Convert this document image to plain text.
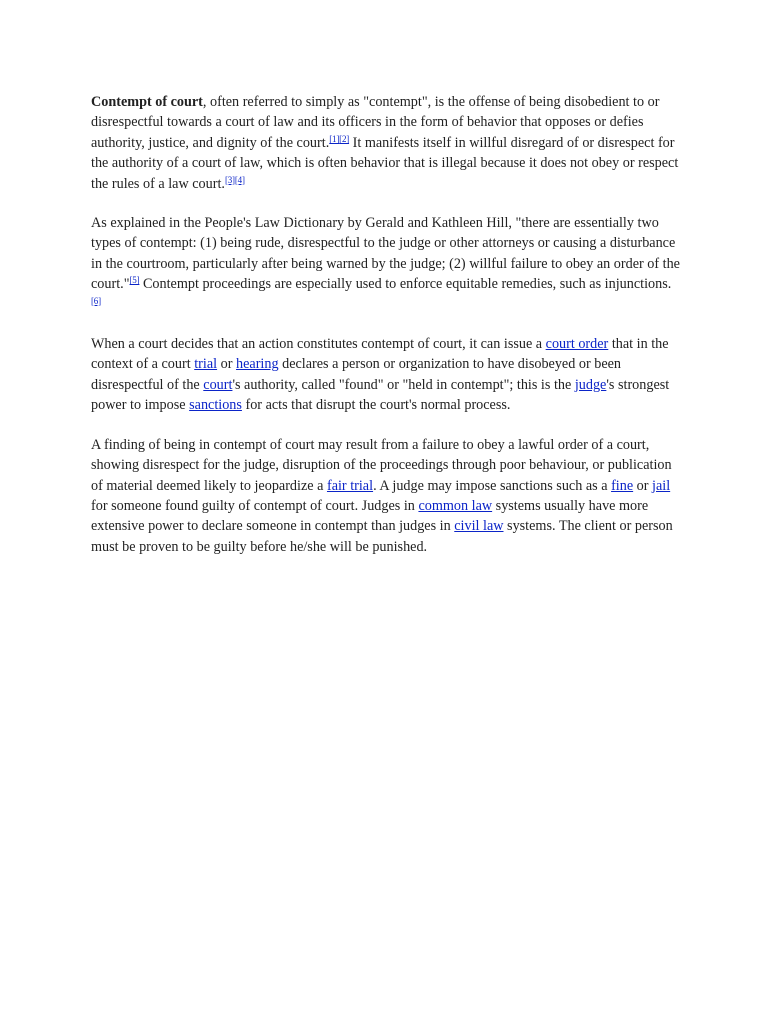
Contempt of court, often referred to simply as "contempt", is the offense of being disobedient to or disrespectful towards a court of law and its officers in the form of behavior that opposes or defies authority, justice, and dignity of the court.[1][2] It manifests itself in willful disregard of or disrespect for the authority of a court of law, which is often behavior that is illegal because it does not obey or respect the rules of a law court.[3][4]

As explained in the People's Law Dictionary by Gerald and Kathleen Hill, "there are essentially two types of contempt: (1) being rude, disrespectful to the judge or other attorneys or causing a disturbance in the courtroom, particularly after being warned by the judge; (2) willful failure to obey an order of the court."[5] Contempt proceedings are especially used to enforce equitable remedies, such as injunctions.[6]

When a court decides that an action constitutes contempt of court, it can issue a court order that in the context of a court trial or hearing declares a person or organization to have disobeyed or been disrespectful of the court's authority, called "found" or "held in contempt"; this is the judge's strongest power to impose sanctions for acts that disrupt the court's normal process.

A finding of being in contempt of court may result from a failure to obey a lawful order of a court, showing disrespect for the judge, disruption of the proceedings through poor behaviour, or publication of material deemed likely to jeopardize a fair trial. A judge may impose sanctions such as a fine or jail for someone found guilty of contempt of court. Judges in common law systems usually have more extensive power to declare someone in contempt than judges in civil law systems. The client or person must be proven to be guilty before he/she will be punished.
